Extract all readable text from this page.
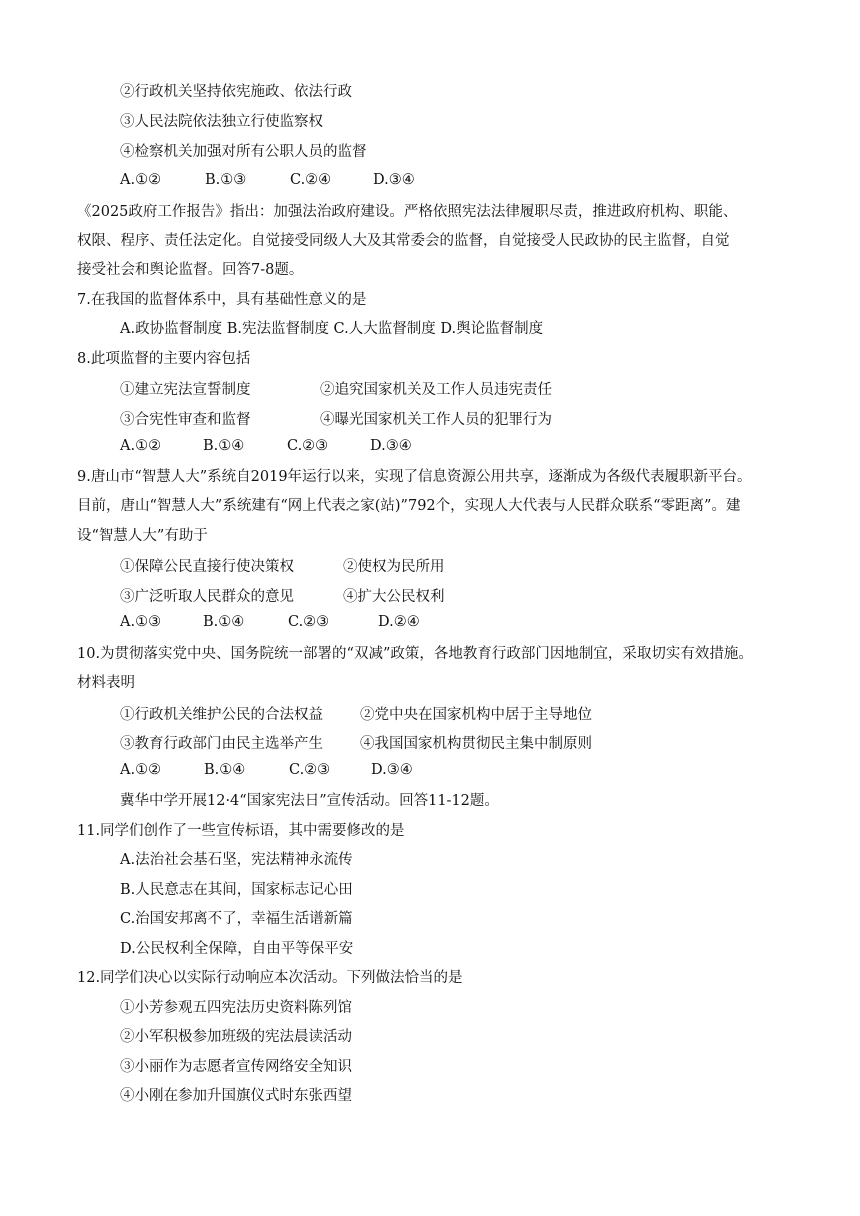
②行政机关坚持依宪施政、依法行政
③人民法院依法独立行使监察权
④检察机关加强对所有公职人员的监督
A.①②	B.①③	C.②④	D.③④
《2025政府工作报告》指出：加强法治政府建设。严格依照宪法法律履职尽责，推进政府机构、职能、
权限、程序、责任法定化。自觉接受同级人大及其常委会的监督，自觉接受人民政协的民主监督，自觉
接受社会和舆论监督。回答7-8题。
7.在我国的监督体系中，具有基础性意义的是
A.政协监督制度 B.宪法监督制度 C.人大监督制度 D.舆论监督制度
8.此项监督的主要内容包括
①建立宪法宣誓制度	②追究国家机关及工作人员违宪责任
③合宪性审查和监督	④曝光国家机关工作人员的犯罪行为
A.①②	B.①④	C.②③	D.③④
9.唐山市“智慧人大”系统自2019年运行以来，实现了信息资源公用共享，逐渐成为各级代表履职新平台。
目前，唐山“智慧人大”系统建有“网上代表之家(站)”792个，实现人大代表与人民群众联系“零距离”。建
设“智慧人大”有助于
①保障公民直接行使决策权	②使权为民所用
③广泛听取人民群众的意见	④扩大公民权利
A.①③	B.①④	C.②③	D.②④
10.为贯彻落实党中央、国务院统一部署的“双减”政策，各地教育行政部门因地制宜，采取切实有效措施。
材料表明
①行政机关维护公民的合法权益	②党中央在国家机构中居于主导地位
③教育行政部门由民主选举产生	④我国国家机构贯彻民主集中制原则
A.①②	B.①④	C.②③	D.③④
冀华中学开展12·4“国家宪法日”宣传活动。回答11-12题。
11.同学们创作了一些宣传标语，其中需要修改的是
A.法治社会基石坚，宪法精神永流传
B.人民意志在其间，国家标志记心田
C.治国安邦离不了，幸福生活谱新篇
D.公民权利全保障，自由平等保平安
12.同学们决心以实际行动响应本次活动。下列做法恰当的是
①小芳参观五四宪法历史资料陈列馆
②小军积极参加班级的宪法晨读活动
③小丽作为志愿者宣传网络安全知识
④小刚在参加升国旗仪式时东张西望
